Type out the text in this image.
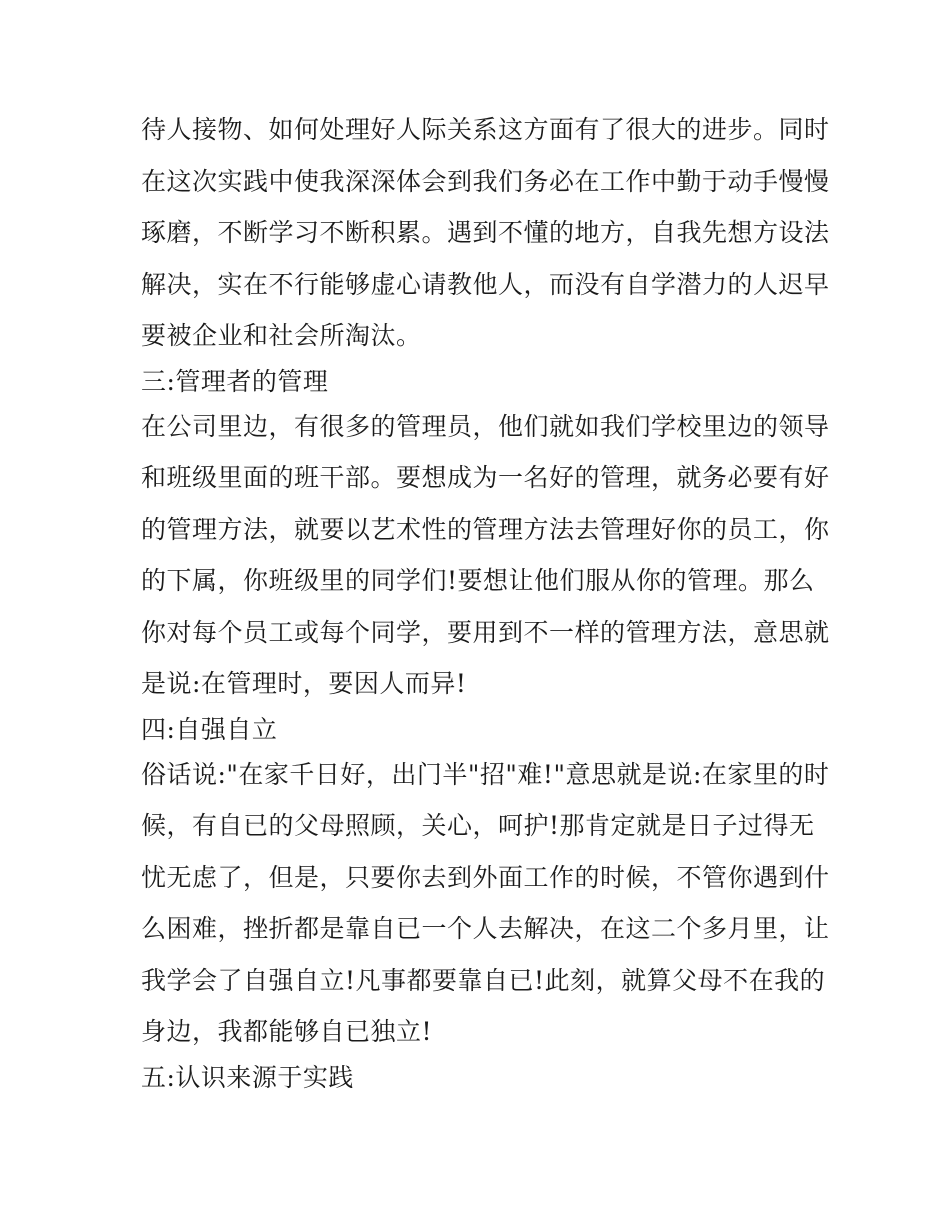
待人接物、如何处理好人际关系这方面有了很大的进步。同时
在这次实践中使我深深体会到我们务必在工作中勤于动手慢慢
琢磨，不断学习不断积累。遇到不懂的地方，自我先想方设法
解决，实在不行能够虚心请教他人，而没有自学潜力的人迟早
要被企业和社会所淘汰。
三:管理者的管理
在公司里边，有很多的管理员，他们就如我们学校里边的领导
和班级里面的班干部。要想成为一名好的管理，就务必要有好
的管理方法，就要以艺术性的管理方法去管理好你的员工，你
的下属，你班级里的同学们!要想让他们服从你的管理。那么
你对每个员工或每个同学，要用到不一样的管理方法，意思就
是说:在管理时，要因人而异!
四:自强自立
俗话说:"在家千日好，出门半"招"难!"意思就是说:在家里的时
候，有自已的父母照顾，关心，呵护!那肯定就是日子过得无
忧无虑了，但是，只要你去到外面工作的时候，不管你遇到什
么困难，挫折都是靠自已一个人去解决，在这二个多月里，让
我学会了自强自立!凡事都要靠自已!此刻，就算父母不在我的
身边，我都能够自已独立!
五:认识来源于实践
